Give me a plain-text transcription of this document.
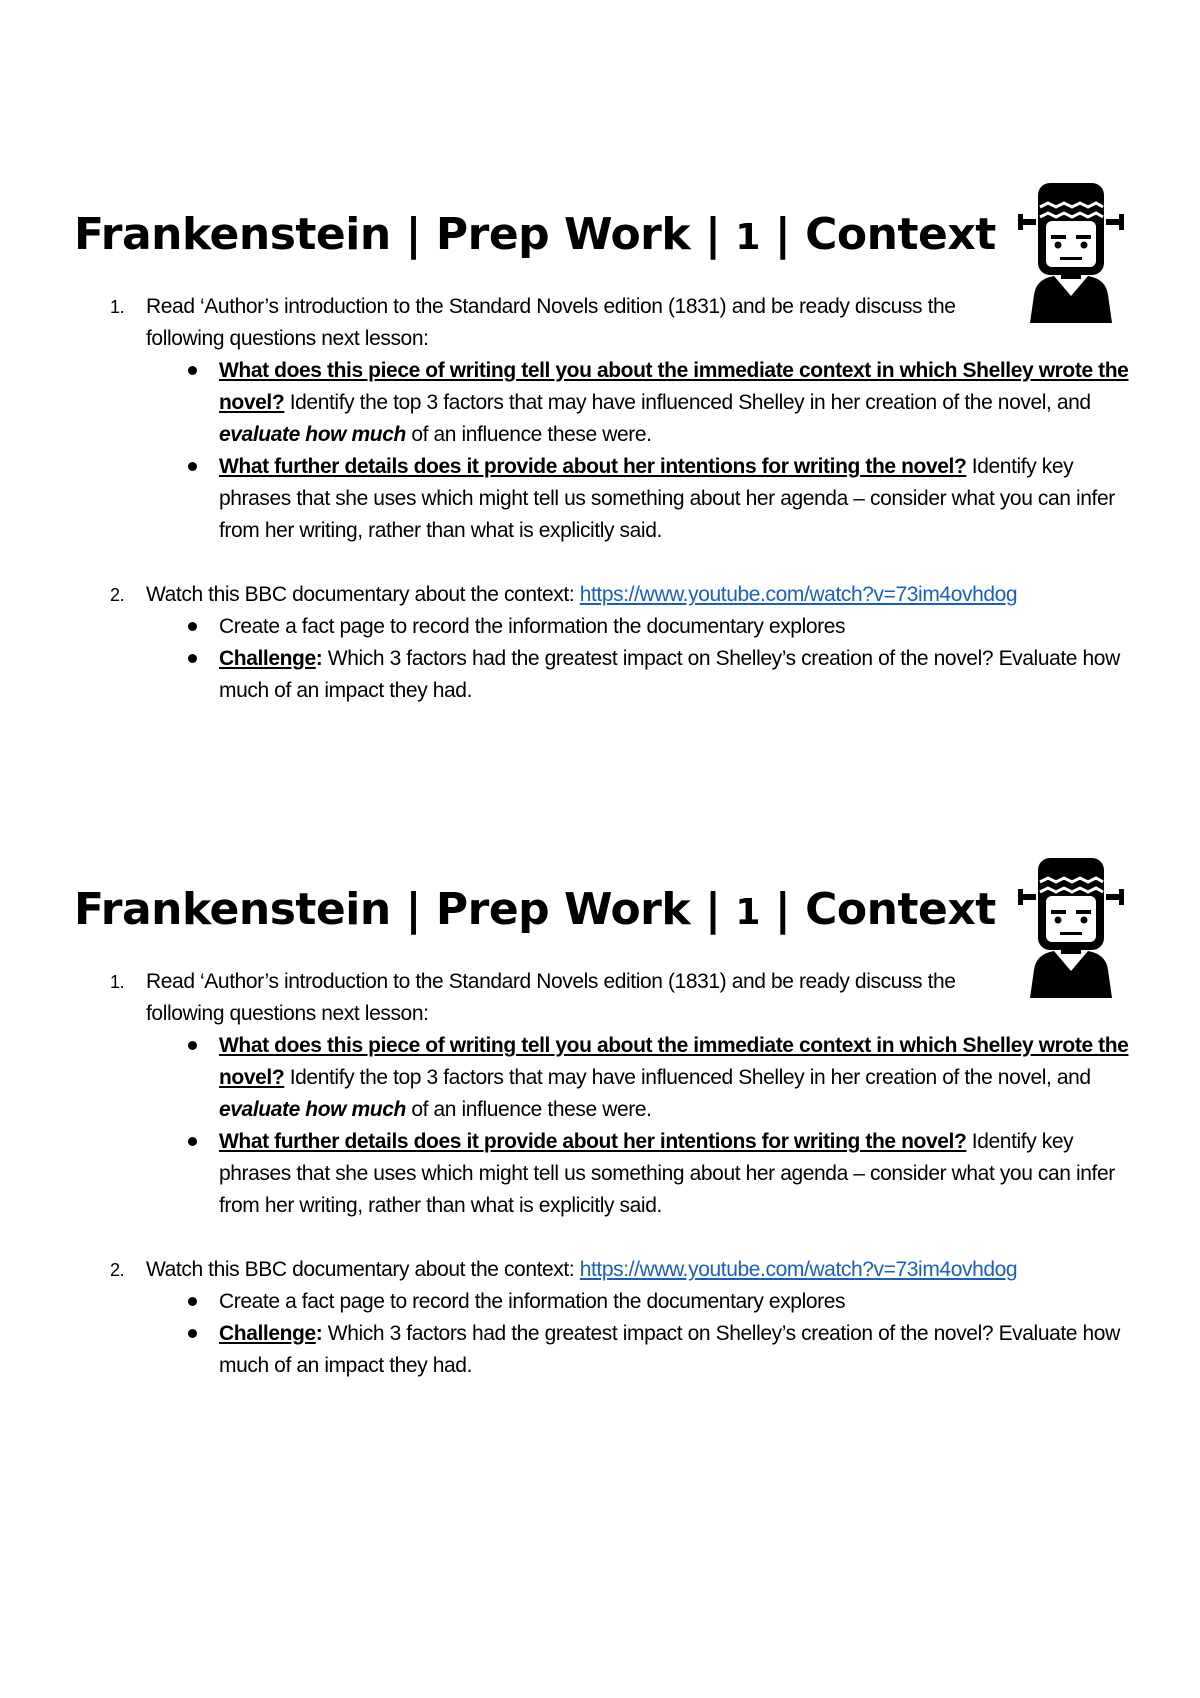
Frankenstein | Prep Work | 1 | Context
1. Read ‘Author’s introduction to the Standard Novels edition (1831) and be ready discuss the following questions next lesson:
What does this piece of writing tell you about the immediate context in which Shelley wrote the novel? Identify the top 3 factors that may have influenced Shelley in her creation of the novel, and evaluate how much of an influence these were.
What further details does it provide about her intentions for writing the novel? Identify key phrases that she uses which might tell us something about her agenda – consider what you can infer from her writing, rather than what is explicitly said.
2. Watch this BBC documentary about the context: https://www.youtube.com/watch?v=73im4ovhdog
Create a fact page to record the information the documentary explores
Challenge: Which 3 factors had the greatest impact on Shelley’s creation of the novel? Evaluate how much of an impact they had.
Frankenstein | Prep Work | 1 | Context
1. Read ‘Author’s introduction to the Standard Novels edition (1831) and be ready discuss the following questions next lesson:
What does this piece of writing tell you about the immediate context in which Shelley wrote the novel? Identify the top 3 factors that may have influenced Shelley in her creation of the novel, and evaluate how much of an influence these were.
What further details does it provide about her intentions for writing the novel? Identify key phrases that she uses which might tell us something about her agenda – consider what you can infer from her writing, rather than what is explicitly said.
2. Watch this BBC documentary about the context: https://www.youtube.com/watch?v=73im4ovhdog
Create a fact page to record the information the documentary explores
Challenge: Which 3 factors had the greatest impact on Shelley’s creation of the novel? Evaluate how much of an impact they had.
